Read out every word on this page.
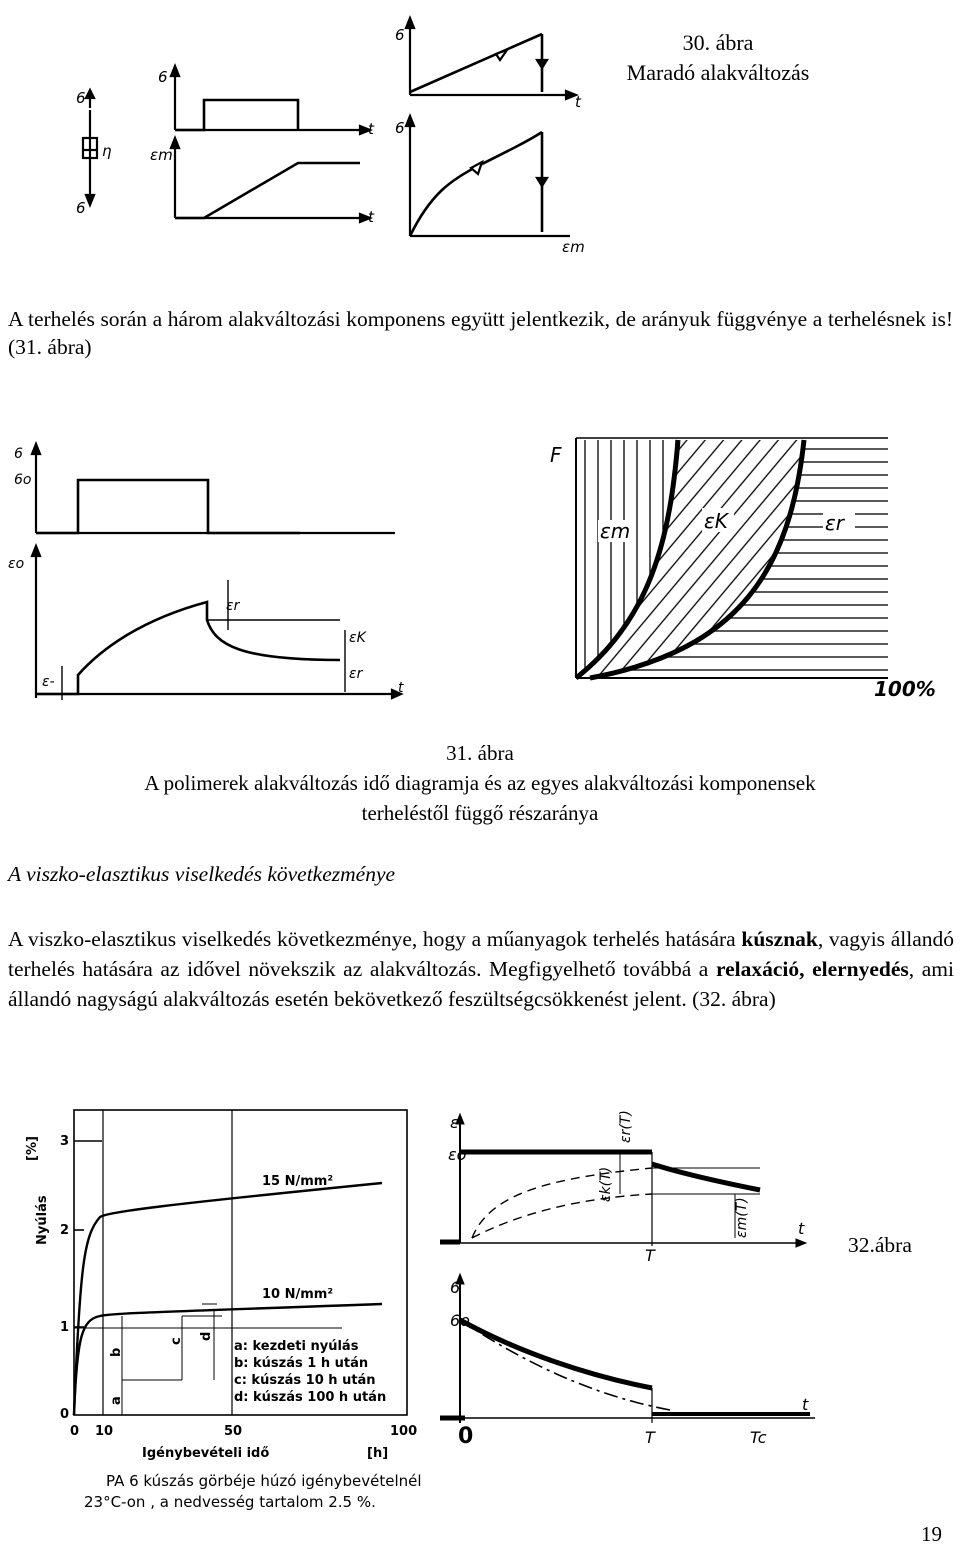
6
η
6
6
εm
t
t
6
t
6
εm
30. ábra
Maradó alakváltozás
A terhelés során a három alakváltozási komponens együtt jelentkezik, de arányuk függvénye a terhelésnek is! (31. ábra)
6
6o
εo
ε-
εr
εK
εr
t
F
εm	εK	εr
100%
31. ábra
A polimerek alakváltozás idő diagramja és az egyes alakváltozási komponensek
terheléstől függő részaránya
A viszko-elasztikus viselkedés következménye
A viszko-elasztikus viselkedés következménye, hogy a műanyagok terhelés hatására kúsznak, vagyis állandó terhelés hatására az idővel növekszik az alakváltozás. Megfigyelhető továbbá a relaxáció, elernyedés, ami állandó nagyságú alakváltozás esetén bekövetkező feszültségcsökkenést jelent. (32. ábra)
[%]
Nyúlás
3
2
1
0
0 10	50	100
Igénybevételi idő	[h]
15 N/mm²
10 N/mm²
a
b
c
d
a: kezdeti nyúlás
b: kúszás 1 h után
c: kúszás 10 h után
d: kúszás 100 h után
PA 6 kúszás görbéje húzó igénybevételnél
23°C-on , a nedvesség tartalom 2.5 %.
ε
εo
εr(T)
εk(T)
εm(T)
T
t
6
6o
0	T	Tc
t
32.ábra
19
